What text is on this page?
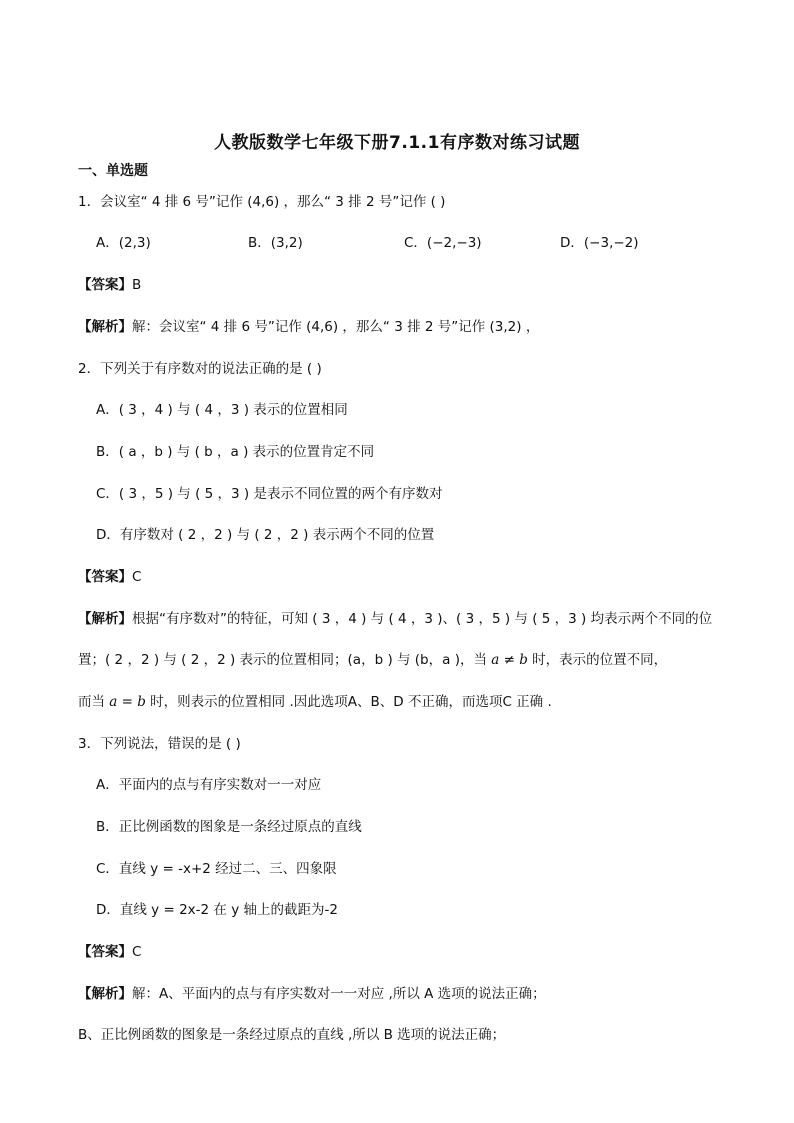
人教版数学七年级下册7.1.1有序数对练习试题
一、单选题
1．会议室“ 4 排 6 号”记作 (4,6) ，那么“ 3 排 2 号”记作 ( )
A．(2,3)	B．(3,2)	C．(−2,−3)	D．(−3,−2)
【答案】B
【解析】解：会议室“ 4 排 6 号”记作 (4,6) ，那么“ 3 排 2 号”记作 (3,2) ，
2．下列关于有序数对的说法正确的是 ( )
A．( 3 ，4 ) 与 ( 4 ，3 ) 表示的位置相同
B．( a ，b ) 与 ( b ，a ) 表示的位置肯定不同
C．( 3 ，5 ) 与 ( 5 ，3 ) 是表示不同位置的两个有序数对
D．有序数对 ( 2 ，2 ) 与 ( 2 ，2 ) 表示两个不同的位置
【答案】C
【解析】根据“有序数对”的特征，可知 ( 3 ，4 ) 与 ( 4 ，3 )、( 3 ，5 ) 与 ( 5 ，3 ) 均表示两个不同的位
置；( 2 ，2 ) 与 ( 2 ，2 ) 表示的位置相同；(a，b ) 与 (b，a )，当 a ≠ b 时，表示的位置不同，
而当 a = b 时，则表示的位置相同 .因此选项A、B、D 不正确，而选项C 正确 .
3．下列说法，错误的是 ( )
A．平面内的点与有序实数对一一对应
B．正比例函数的图象是一条经过原点的直线
C．直线 y = -x+2 经过二、三、四象限
D．直线 y = 2x-2 在 y 轴上的截距为-2
【答案】C
【解析】解：A、平面内的点与有序实数对一一对应 ,所以 A 选项的说法正确；
B、正比例函数的图象是一条经过原点的直线 ,所以 B 选项的说法正确；
